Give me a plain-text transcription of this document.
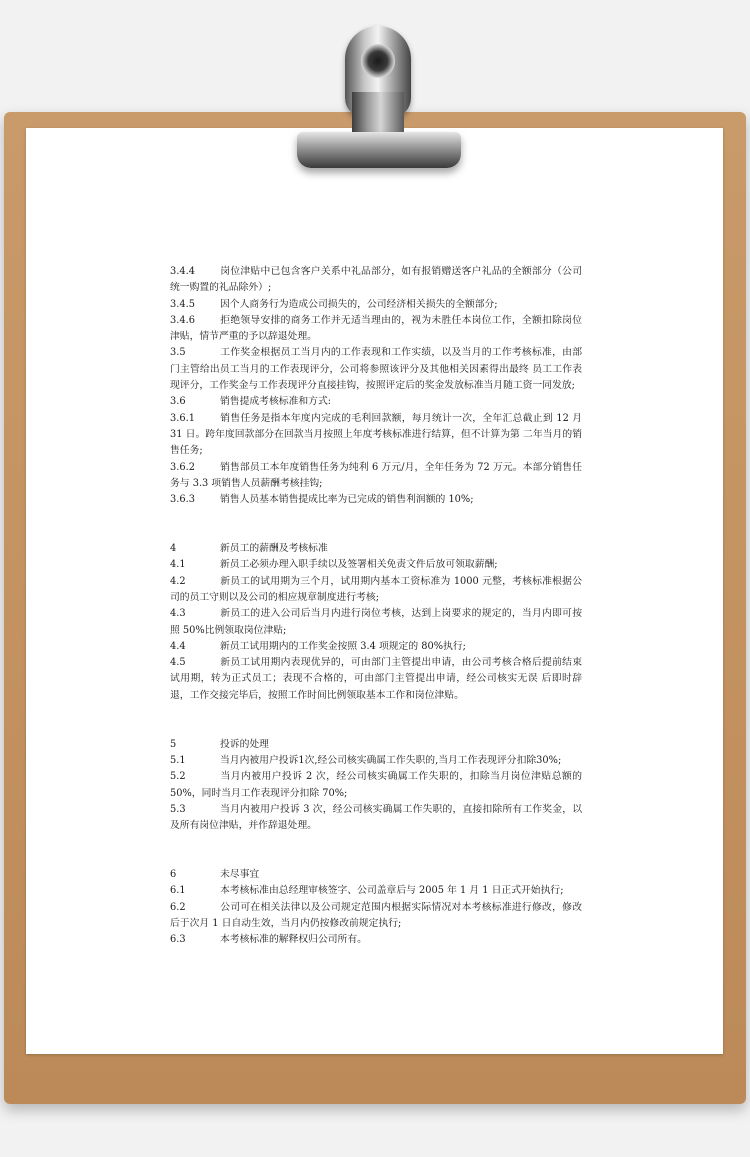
3.4.4	岗位津贴中已包含客户关系中礼品部分，如有报销赠送客户礼品的全额部分（公司统一购置的礼品除外）;

3.4.5	因个人商务行为造成公司损失的，公司经济相关损失的全额部分;

3.4.6	拒绝领导安排的商务工作并无适当理由的，视为未胜任本岗位工作，全额扣除岗位津贴，情节严重的予以辞退处理。

3.5	工作奖金根据员工当月内的工作表现和工作实绩，以及当月的工作考核标准，由部门主管给出员工当月的工作表现评分，公司将参照该评分及其他相关因素得出最终 员工工作表现评分，工作奖金与工作表现评分直接挂钩，按照评定后的奖金发放标准当月随工资一同发放;

3.6	销售提成考核标准和方式:

3.6.1	销售任务是指本年度内完成的毛利回款额，每月统计一次，全年汇总截止到 12 月 31 日。跨年度回款部分在回款当月按照上年度考核标准进行结算，但不计算为第 二年当月的销售任务;

3.6.2	销售部员工本年度销售任务为纯利 6 万元/月，全年任务为 72 万元。本部分销售任务与 3.3 项销售人员薪酬考核挂钩;

3.6.3	销售人员基本销售提成比率为已完成的销售利润额的 10%;

4	新员工的薪酬及考核标准

4.1	新员工必须办理入职手续以及签署相关免责文件后放可领取薪酬;

4.2	新员工的试用期为三个月，试用期内基本工资标准为 1000 元整，考核标准根据公司的员工守则以及公司的相应规章制度进行考核;

4.3	新员工的进入公司后当月内进行岗位考核，达到上岗要求的规定的，当月内即可按照 50%比例领取岗位津贴;

4.4	新员工试用期内的工作奖金按照 3.4 项规定的 80%执行;

4.5	新员工试用期内表现优异的，可由部门主管提出申请，由公司考核合格后提前结束试用期，转为正式员工；表现不合格的，可由部门主管提出申请，经公司核实无误 后即时辞退，工作交接完毕后，按照工作时间比例领取基本工作和岗位津贴。

5	投诉的处理

5.1	当月内被用户投诉1次,经公司核实确属工作失职的,当月工作表现评分扣除30%;

5.2	当月内被用户投诉 2 次，经公司核实确属工作失职的，扣除当月岗位津贴总额的 50%，同时当月工作表现评分扣除 70%;

5.3	当月内被用户投诉 3 次，经公司核实确属工作失职的，直接扣除所有工作奖金，以及所有岗位津贴，并作辞退处理。

6	未尽事宜

6.1	本考核标准由总经理审核签字、公司盖章后与 2005 年 1 月 1 日正式开始执行;

6.2	公司可在相关法律以及公司规定范围内根据实际情况对本考核标准进行修改，修改后于次月 1 日自动生效，当月内仍按修改前规定执行;

6.3	本考核标准的解释权归公司所有。
